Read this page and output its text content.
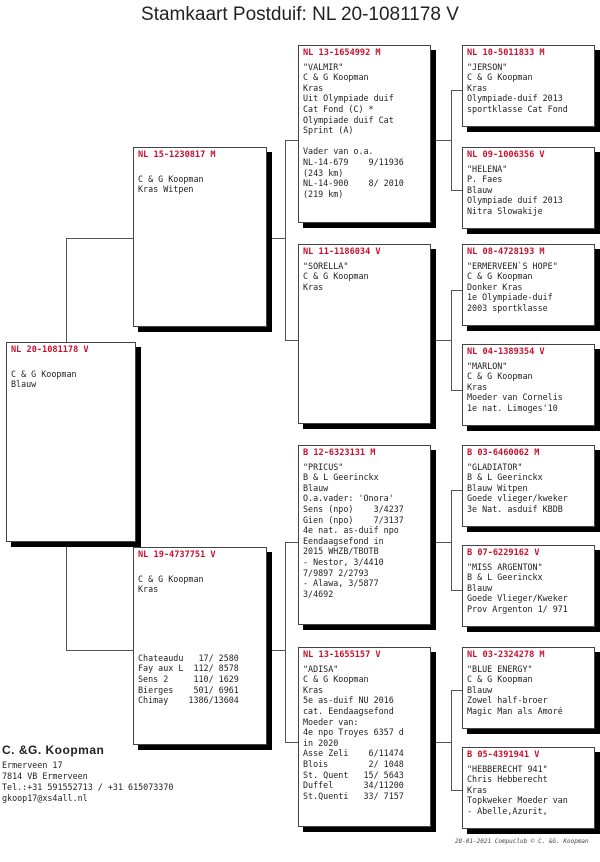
Stamkaart Postduif: NL 20-1081178 V
NL 20-1081178 V
C & G Koopman
Blauw
NL 15-1230817 M
C & G Koopman
Kras Witpen
NL 19-4737751 V
C & G Koopman
Kras
Chateaudu   17/ 2580
Fay aux L  112/ 8578
Sens 2     110/ 1629
Bierges    501/ 6961
Chimay    1386/13604
NL 13-1654992 M
"VALMIR"
C & G Koopman
Kras
Uit Olympiade duif
Cat Fond (C) *
Olympiade duif Cat
Sprint (A)

Vader van o.a.
NL-14-679    9/11936
(243 km)
NL-14-900    8/ 2010
(219 km)
NL 11-1186034 V
"SORELLA"
C & G Koopman
Kras
B 12-6323131 M
"PRICUS"
B & L Geerinckx
Blauw
O.a.vader: 'Onora'
Sens (npo)    3/4237
Gien (npo)    7/3137
4e nat. as-duif npo
Eendaagsefond in
2015 WHZB/TBOTB
- Nestor, 3/4410
7/9897 2/2793
- Alawa, 3/5877
3/4692
NL 13-1655157 V
"ADISA"
C & G Koopman
Kras
5e as-duif NU 2016
cat. Eendaagsefond
Moeder van:
4e npo Troyes 6357 d
in 2020
Asse Zeli    6/11474
Blois        2/ 1048
St. Quent   15/ 5643
Duffel      34/11200
St.Quenti   33/ 7157
NL 10-5011833 M
"JERSON"
C & G Koopman
Kras
Olympiade-duif 2013
sportklasse Cat Fond
NL 09-1006356 V
"HELENA"
P. Faes
Blauw
Olympiade duif 2013
Nitra Slowakije
NL 08-4728193 M
"ERMERVEEN`S HOPE"
C & G Koopman
Donker Kras
1e Olympiade-duif
2003 sportklasse
NL 04-1389354 V
"MARLON"
C & G Koopman
Kras
Moeder van Cornelis
1e nat. Limoges'10
B 03-6460062 M
"GLADIATOR"
B & L Geerinckx
Blauw Witpen
Goede vlieger/kweker
3e Nat. asduif KBDB
B 07-6229162 V
"MISS ARGENTON"
B & L Geerinckx
Blauw
Goede Vlieger/Kweker
Prov Argenton 1/ 971
NL 03-2324278 M
"BLUE ENERGY"
C & G Koopman
Blauw
Zowel half-broer
Magic Man als Amoré
B 05-4391941 V
"HEBBERECHT 941"
Chris Hebberecht
Kras
Topkweker Moeder van
- Abelle,Azurit,
C. &G. Koopman
Ermerveen 17
7814 VB Ermerveen
Tel.:+31 591552713 / +31 615073370
gkoop17@xs4all.nl
28-01-2021 Compuclub © C. &G. Koopman
